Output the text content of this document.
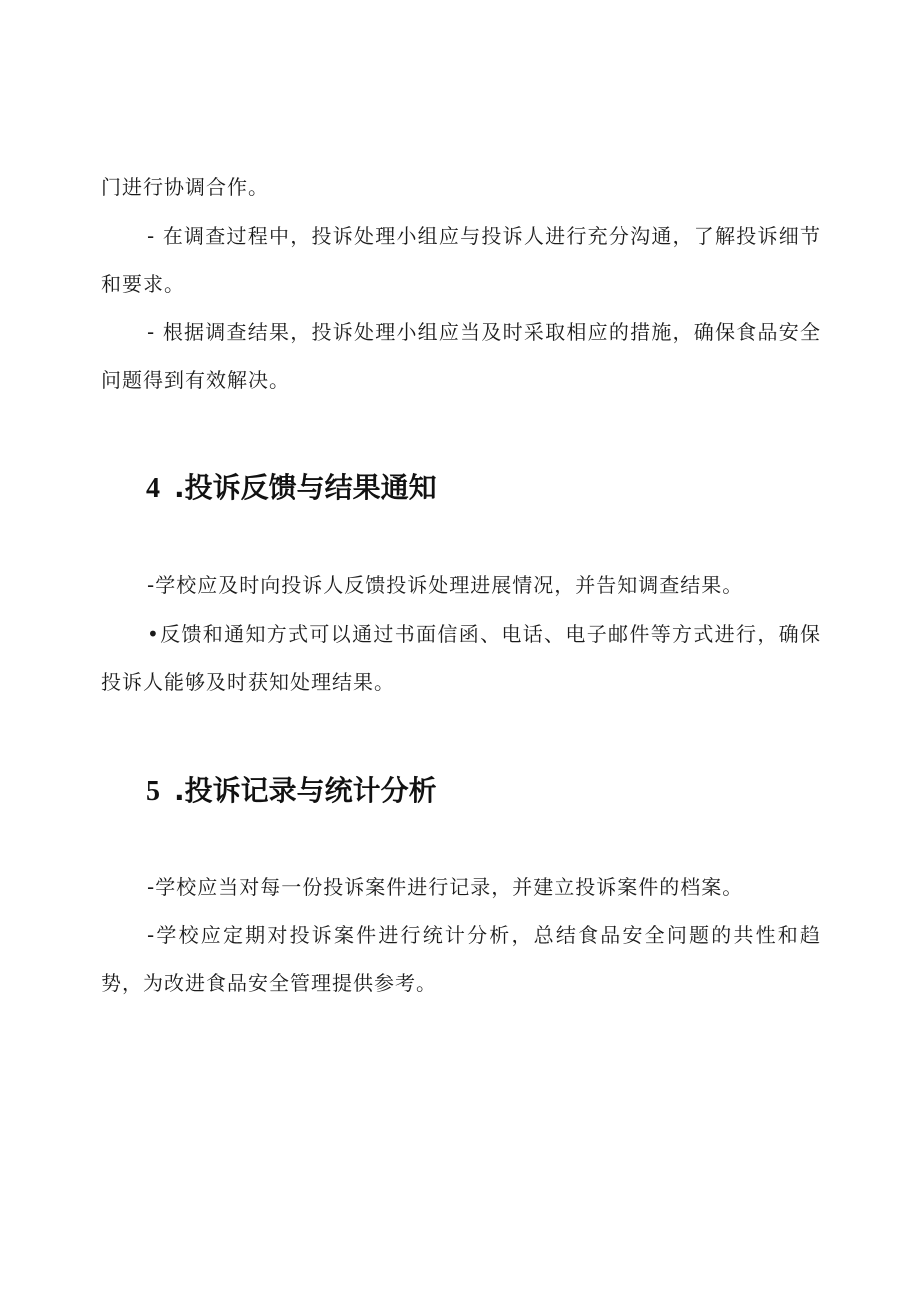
门进行协调合作。

- 在调查过程中，投诉处理小组应与投诉人进行充分沟通，了解投诉细节和要求。

- 根据调查结果，投诉处理小组应当及时采取相应的措施，确保食品安全问题得到有效解决。

4 .投诉反馈与结果通知

-学校应及时向投诉人反馈投诉处理进展情况，并告知调查结果。

•反馈和通知方式可以通过书面信函、电话、电子邮件等方式进行，确保投诉人能够及时获知处理结果。

5 .投诉记录与统计分析

-学校应当对每一份投诉案件进行记录，并建立投诉案件的档案。

-学校应定期对投诉案件进行统计分析，总结食品安全问题的共性和趋势，为改进食品安全管理提供参考。
